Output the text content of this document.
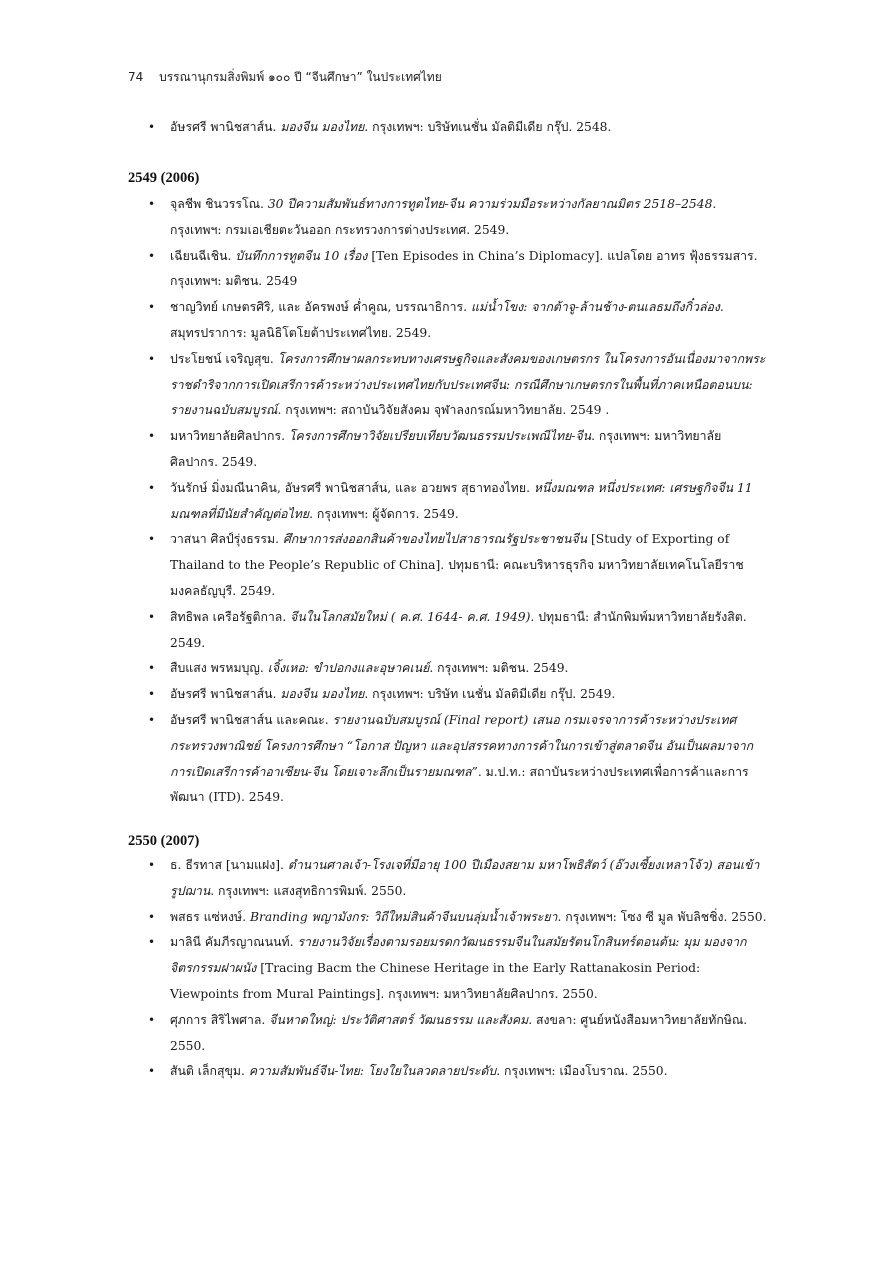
74 บรรณานุกรมสิ่งพิมพ์ ๑๐๐ ปี “จีนศึกษา” ในประเทศไทย
• อัษรศรี พานิชสาส์น. มองจีน มองไทย. กรุงเทพฯ: บริษัทเนชั่น มัลติมีเดีย กรุ๊ป. 2548.
2549 (2006)
• จุลชีพ ชินวรรโณ. 30 ปีความสัมพันธ์ทางการทูตไทย-จีน ความร่วมมือระหว่างกัลยาณมิตร 2518–2548. กรุงเทพฯ: กรมเอเชียตะวันออก กระทรวงการต่างประเทศ. 2549.
• เฉียนฉีเชิน. บันทึกการทูตจีน 10 เรื่อง [Ten Episodes in China’s Diplomacy]. แปลโดย อาทร ฟุ้งธรรมสาร. กรุงเทพฯ: มติชน. 2549
• ชาญวิทย์ เกษตรศิริ, และ อัครพงษ์ ค่ำคูณ, บรรณาธิการ. แม่น้ำโขง: จากต้าจู-ล้านช้าง-ตนเลธมถึงกิ๋วล่อง. สมุทรปราการ: มูลนิธิโตโยต้าประเทศไทย. 2549.
• ประโยชน์ เจริญสุข. โครงการศึกษาผลกระทบทางเศรษฐกิจและสังคมของเกษตรกร ในโครงการอันเนื่องมาจากพระราชดำริจากการเปิดเสรีการค้าระหว่างประเทศไทยกับประเทศจีน: กรณีศึกษาเกษตรกรในพื้นที่ภาคเหนือตอนบน: รายงานฉบับสมบูรณ์. กรุงเทพฯ: สถาบันวิจัยสังคม จุฬาลงกรณ์มหาวิทยาลัย. 2549 .
• มหาวิทยาลัยศิลปากร. โครงการศึกษาวิจัยเปรียบเทียบวัฒนธรรมประเพณีไทย-จีน. กรุงเทพฯ: มหาวิทยาลัยศิลปากร. 2549.
• วันรักษ์ มิ่งมณีนาคิน, อัษรศรี พานิชสาส์น, และ อวยพร สุธาทองไทย. หนึ่งมณฑล หนึ่งประเทศ: เศรษฐกิจจีน 11 มณฑลที่มีนัยสำคัญต่อไทย. กรุงเทพฯ: ผู้จัดการ. 2549.
• วาสนา ศิลป์รุ่งธรรม. ศึกษาการส่งออกสินค้าของไทยไปสาธารณรัฐประชาชนจีน [Study of Exporting of Thailand to the People’s Republic of China]. ปทุมธานี: คณะบริหารธุรกิจ มหาวิทยาลัยเทคโนโลยีราชมงคลธัญบุรี. 2549.
• สิทธิพล เครือรัฐติกาล. จีนในโลกสมัยใหม่ ( ค.ศ. 1644- ค.ศ. 1949). ปทุมธานี: สำนักพิมพ์มหาวิทยาลัยรังสิต. 2549.
• สืบแสง พรหมบุญ. เจิ้งเหอ: ขำปอกงและอุษาคเนย์. กรุงเทพฯ: มติชน. 2549.
• อัษรศรี พานิชสาส์น. มองจีน มองไทย. กรุงเทพฯ: บริษัท เนชั่น มัลติมีเดีย กรุ๊ป. 2549.
• อัษรศรี พานิชสาส์น และคณะ. รายงานฉบับสมบูรณ์ (Final report) เสนอ กรมเจรจาการค้าระหว่างประเทศ กระทรวงพาณิชย์ โครงการศึกษา “โอกาส ปัญหา และอุปสรรคทางการค้าในการเข้าสู่ตลาดจีน อันเป็นผลมาจากการเปิดเสรีการค้าอาเซียน-จีน โดยเจาะลึกเป็นรายมณฑล”. ม.ป.ท.: สถาบันระหว่างประเทศเพื่อการค้าและการพัฒนา (ITD). 2549.
2550 (2007)
• ธ. ธีรทาส [นามแฝง]. ตำนานศาลเจ้า-โรงเจที่มีอายุ 100 ปีเมืองสยาม มหาโพธิสัตว์ (อ๊วงเซี้ยงเหลาโจ้ว) สอนเข้ารูปฌาน. กรุงเทพฯ: แสงสุทธิการพิมพ์. 2550.
• พสธร แซ่หงษ์. Branding พญามังกร: วิถีใหม่สินค้าจีนบนลุ่มน้ำเจ้าพระยา. กรุงเทพฯ: โซง ซี มูล พับลิชชิ่ง. 2550.
• มาลินี คัมภีรญาณนนท์. รายงานวิจัยเรื่องตามรอยมรดกวัฒนธรรมจีนในสมัยรัตนโกสินทร์ตอนต้น: มุม มองจากจิตรกรรมฝาผนัง [Tracing Bacm the Chinese Heritage in the Early Rattanakosin Period: Viewpoints from Mural Paintings]. กรุงเทพฯ: มหาวิทยาลัยศิลปากร. 2550.
• ศุภการ สิริไพศาล. จีนหาดใหญ่: ประวัติศาสตร์ วัฒนธรรม และสังคม. สงขลา: ศูนย์หนังสือมหาวิทยาลัยทักษิณ. 2550.
• สันติ เล็กสุขุม. ความสัมพันธ์จีน-ไทย: โยงใยในลวดลายประดับ. กรุงเทพฯ: เมืองโบราณ. 2550.
